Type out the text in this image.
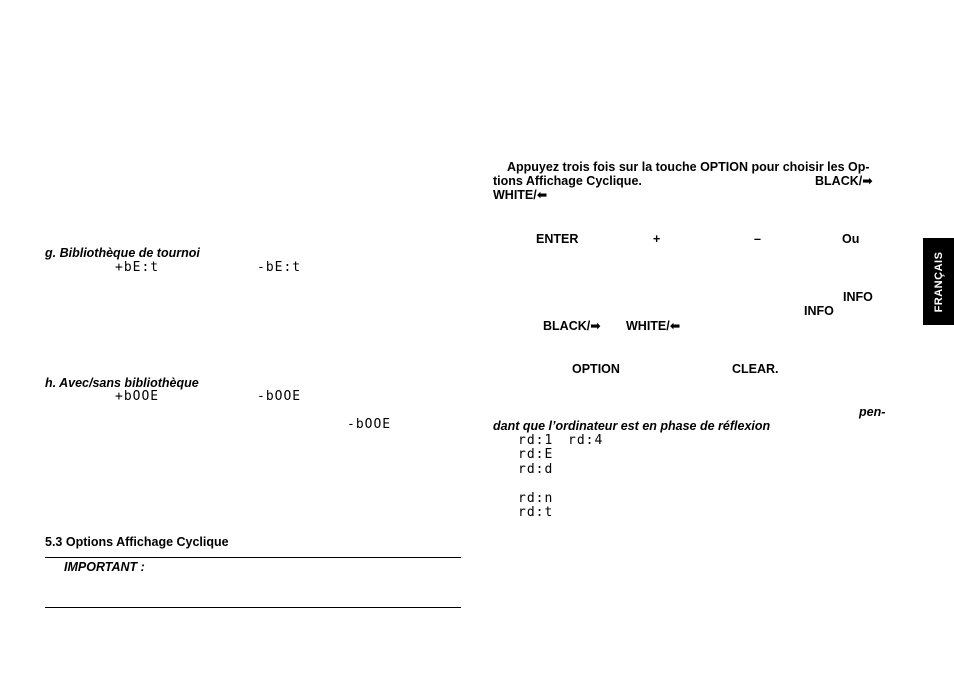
g. Bibliothèque de tournoi
+bE:t	-bE:t
h. Avec/sans bibliothèque
+bOOE	-bOOE
-bOOE
5.3 Options Affichage Cyclique
IMPORTANT :
Appuyez trois fois sur la touche OPTION pour choisir les Op-
tions Affichage Cyclique.	BLACK/➡
WHITE/⬅
ENTER	+	–	Ou
INFO
INFO
BLACK/➡ WHITE/⬅
OPTION	CLEAR.
pen-
dant que l’ordinateur est en phase de réflexion
rd:1 rd:4
rd:E
rd:d
rd:n
rd:t
FRANÇAIS
